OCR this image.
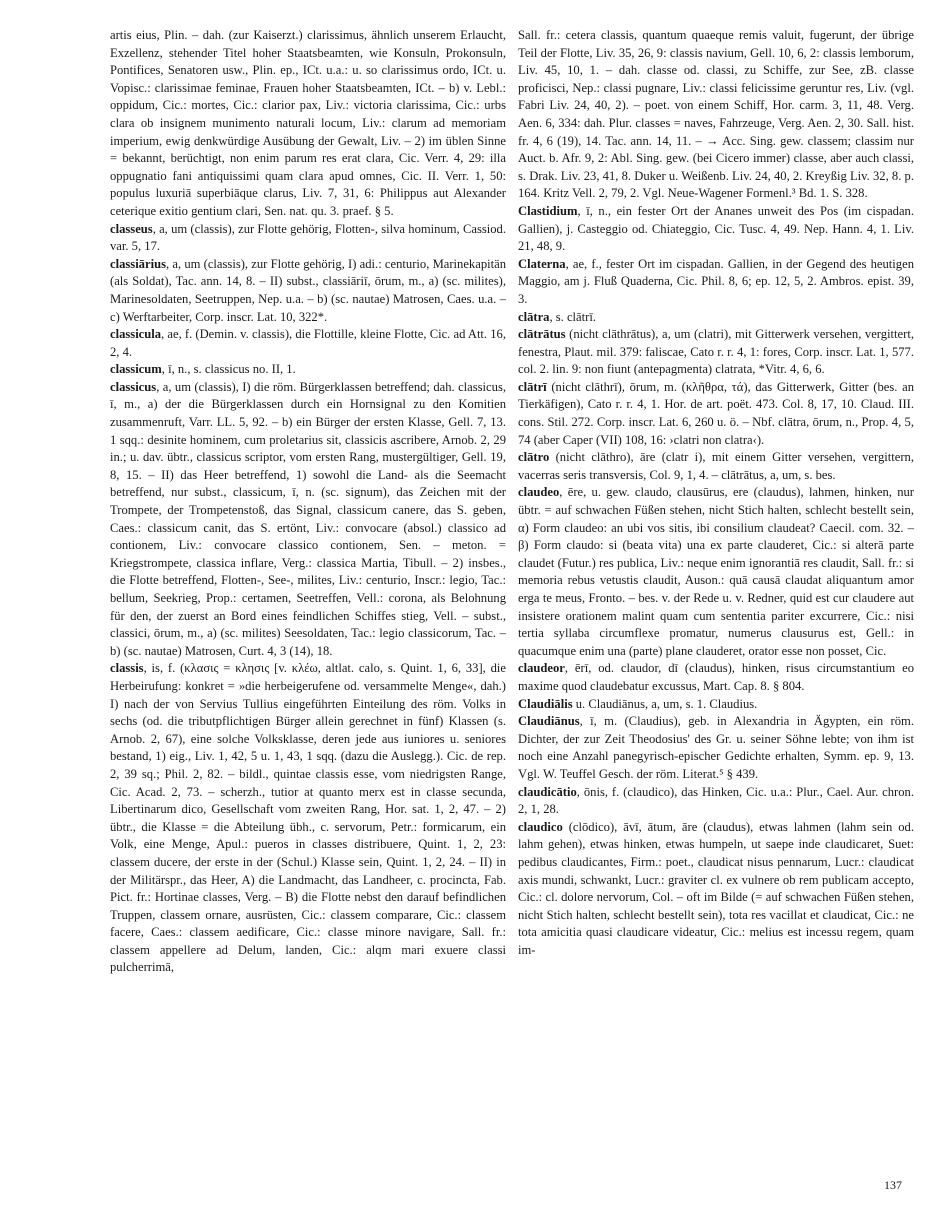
artis eius, Plin. – dah. (zur Kaiserzt.) clarissimus, ähnlich unserem Erlaucht, Exzellenz, stehender Titel hoher Staatsbeamten, wie Konsuln, Prokonsuln, Pontifices, Senatoren usw., Plin. ep., ICt. u.a.: u. so clarissimus ordo, ICt. u. Vopisc.: clarissimae feminae, Frauen hoher Staatsbeamten, ICt. – b) v. Lebl.: oppidum, Cic.: mortes, Cic.: clarior pax, Liv.: victoria clarissima, Cic.: urbs clara ob insignem munimento naturali locum, Liv.: clarum ad memoriam imperium, ewig denkwürdige Ausübung der Gewalt, Liv. – 2) im üblen Sinne = bekannt, berüchtigt, non enim parum res erat clara, Cic. Verr. 4, 29: illa oppugnatio fani antiquissimi quam clara apud omnes, Cic. II. Verr. 1, 50: populus luxuriā superbiāque clarus, Liv. 7, 31, 6: Philippus aut Alexander ceterique exitio gentium clari, Sen. nat. qu. 3. praef. § 5.

classeus, a, um (classis), zur Flotte gehörig, Flotten-, silva hominum, Cassiod. var. 5, 17.

classiārius, a, um (classis), zur Flotte gehörig, I) adi.: centurio, Marinekapitän (als Soldat), Tac. ann. 14, 8. – II) subst., classiāriī, ōrum, m., a) (sc. milites), Marinesoldaten, Seetruppen, Nep. u.a. – b) (sc. nautae) Matrosen, Caes. u.a. – c) Werftarbeiter, Corp. inscr. Lat. 10, 322*.

classicula, ae, f. (Demin. v. classis), die Flottille, kleine Flotte, Cic. ad Att. 16, 2, 4.

classicum, ī, n., s. classicus no. II, 1.

classicus, a, um (classis), I) die röm. Bürgerklassen betreffend; dah. classicus, ī, m., a) der die Bürgerklassen durch ein Hornsignal zu den Komitien zusammenruft, Varr. LL. 5, 92. – b) ein Bürger der ersten Klasse, Gell. 7, 13. 1 sqq.: desinite hominem, cum proletarius sit, classicis ascribere, Arnob. 2, 29 in.; u. dav. übtr., classicus scriptor, vom ersten Rang, mustergültiger, Gell. 19, 8, 15. – II) das Heer betreffend, 1) sowohl die Land- als die Seemacht betreffend, nur subst., classicum, ī, n. (sc. signum), das Zeichen mit der Trompete, der Trompetenstoß, das Signal, classicum canere, das S. geben, Caes.: classicum canit, das S. ertönt, Liv.: convocare (absol.) classico ad contionem, Liv.: convocare classico contionem, Sen. – meton. = Kriegstrompete, classica inflare, Verg.: classica Martia, Tibull. – 2) insbes., die Flotte betreffend, Flotten-, See-, milites, Liv.: centurio, Inscr.: legio, Tac.: bellum, Seekrieg, Prop.: certamen, Seetreffen, Vell.: corona, als Belohnung für den, der zuerst an Bord eines feindlichen Schiffes stieg, Vell. – subst., classici, ōrum, m., a) (sc. milites) Seesoldaten, Tac.: legio classicorum, Tac. – b) (sc. nautae) Matrosen, Curt. 4, 3 (14), 18.

classis, is, f. (κλασις = κλησις [v. κλέω, altlat. calo, s. Quint. 1, 6, 33], die Herbeirufung: konkret = »die herbeigerufene od. versammelte Menge«, dah.) I) nach der von Servius Tullius eingeführten Einteilung des röm. Volks in sechs (od. die tributpflichtigen Bürger allein gerechnet in fünf) Klassen (s. Arnob. 2, 67), eine solche Volksklasse, deren jede aus iuniores u. seniores bestand, 1) eig., Liv. 1, 42, 5 u. 1, 43, 1 sqq. (dazu die Auslegg.). Cic. de rep. 2, 39 sq.; Phil. 2, 82. – bildl., quintae classis esse, vom niedrigsten Range, Cic. Acad. 2, 73. – scherzh., tutior at quanto merx est in classe secunda, Libertinarum dico, Gesellschaft vom zweiten Rang, Hor. sat. 1, 2, 47. – 2) übtr., die Klasse = die Abteilung übh., c. servorum, Petr.: formicarum, ein Volk, eine Menge, Apul.: pueros in classes distribuere, Quint. 1, 2, 23: classem ducere, der erste in der (Schul.) Klasse sein, Quint. 1, 2, 24. – II) in der Militärspr., das Heer, A) die Landmacht, das Landheer, c. procincta, Fab. Pict. fr.: Hortinae classes, Verg. – B) die Flotte nebst den darauf befindlichen Truppen, classem ornare, ausrüsten, Cic.: classem comparare, Cic.: classem facere, Caes.: classem aedificare, Cic.: classe minore navigare, Sall. fr.: classem appellere ad Delum, landen, Cic.: alqm mari exuere classi pulcherrimā,

Sall. fr.: cetera classis, quantum quaeque remis valuit, fugerunt, der übrige Teil der Flotte, Liv. 35, 26, 9: classis navium, Gell. 10, 6, 2: classis lemborum, Liv. 45, 10, 1. – dah. classe od. classi, zu Schiffe, zur See, zB. classe proficisci, Nep.: classi pugnare, Liv.: classi felicissime geruntur res, Liv. (vgl. Fabri Liv. 24, 40, 2). – poet. von einem Schiff, Hor. carm. 3, 11, 48. Verg. Aen. 6, 334: dah. Plur. classes = naves, Fahrzeuge, Verg. Aen. 2, 30. Sall. hist. fr. 4, 6 (19), 14. Tac. ann. 14, 11. – → Acc. Sing. gew. classem; classim nur Auct. b. Afr. 9, 2: Abl. Sing. gew. (bei Cicero immer) classe, aber auch classi, s. Drak. Liv. 23, 41, 8. Duker u. Weißenb. Liv. 24, 40, 2. Kreyßig Liv. 32, 8. p. 164. Kritz Vell. 2, 79, 2. Vgl. Neue-Wagener Formenl.³ Bd. 1. S. 328.

Clastidium, ī, n., ein fester Ort der Ananes unweit des Pos (im cispadan. Gallien), j. Casteggio od. Chiateggio, Cic. Tusc. 4, 49. Nep. Hann. 4, 1. Liv. 21, 48, 9.

Claterna, ae, f., fester Ort im cispadan. Gallien, in der Gegend des heutigen Maggio, am j. Fluß Quaderna, Cic. Phil. 8, 6; ep. 12, 5, 2. Ambros. epist. 39, 3.

clātra, s. clātrī.

clātrātus (nicht clāthrātus), a, um (clatri), mit Gitterwerk versehen, vergittert, fenestra, Plaut. mil. 379: faliscae, Cato r. r. 4, 1: fores, Corp. inscr. Lat. 1, 577. col. 2. lin. 9: non fiunt (antepagmenta) clatrata, *Vitr. 4, 6, 6.

clātrī (nicht clāthrī), ōrum, m. (κλῆθρα, τά), das Gitterwerk, Gitter (bes. an Tierkäfigen), Cato r. r. 4, 1. Hor. de art. poët. 473. Col. 8, 17, 10. Claud. III. cons. Stil. 272. Corp. inscr. Lat. 6, 260 u. ö. – Nbf. clātra, ōrum, n., Prop. 4, 5, 74 (aber Caper (VII) 108, 16: ›clatri non clatra‹).

clātro (nicht clāthro), āre (clatr i), mit einem Gitter versehen, vergittern, vacerras seris transversis, Col. 9, 1, 4. – clātrātus, a, um, s. bes.

claudeo, ēre, u. gew. claudo, clausūrus, ere (claudus), lahmen, hinken, nur übtr. = auf schwachen Füßen stehen, nicht Stich halten, schlecht bestellt sein, α) Form claudeo: an ubi vos sitis, ibi consilium claudeat? Caecil. com. 32. – β) Form claudo: si (beata vita) una ex parte clauderet, Cic.: si alterā parte claudet (Futur.) res publica, Liv.: neque enim ignorantiā res claudit, Sall. fr.: si memoria rebus vetustis claudit, Auson.: quā causā claudat aliquantum amor erga te meus, Fronto. – bes. v. der Rede u. v. Redner, quid est cur claudere aut insistere orationem malint quam cum sententia pariter excurrere, Cic.: nisi tertia syllaba circumflexe promatur, numerus clausurus est, Gell.: in quacumque enim una (parte) plane clauderet, orator esse non posset, Cic.

claudeor, ērī, od. claudor, dī (claudus), hinken, risus circumstantium eo maxime quod claudebatur excussus, Mart. Cap. 8. § 804.

Claudiālis u. Claudiānus, a, um, s. 1. Claudius.

Claudiānus, ī, m. (Claudius), geb. in Alexandria in Ägypten, ein röm. Dichter, der zur Zeit Theodosius' des Gr. u. seiner Söhne lebte; von ihm ist noch eine Anzahl panegyrisch-epischer Gedichte erhalten, Symm. ep. 9, 13. Vgl. W. Teuffel Gesch. der röm. Literat.⁵ § 439.

claudicātio, ōnis, f. (claudico), das Hinken, Cic. u.a.: Plur., Cael. Aur. chron. 2, 1, 28.

claudico (clōdico), āvī, ātum, āre (claudus), etwas lahmen (lahm sein od. lahm gehen), etwas hinken, etwas humpeln, ut saepe inde claudicaret, Suet: pedibus claudicantes, Firm.: poet., claudicat nisus pennarum, Lucr.: claudicat axis mundi, schwankt, Lucr.: graviter cl. ex vulnere ob rem publicam accepto, Cic.: cl. dolore nervorum, Col. – oft im Bilde (= auf schwachen Füßen stehen, nicht Stich halten, schlecht bestellt sein), tota res vacillat et claudicat, Cic.: ne tota amicitia quasi claudicare videatur, Cic.: melius est incessu regem, quam im-

137
